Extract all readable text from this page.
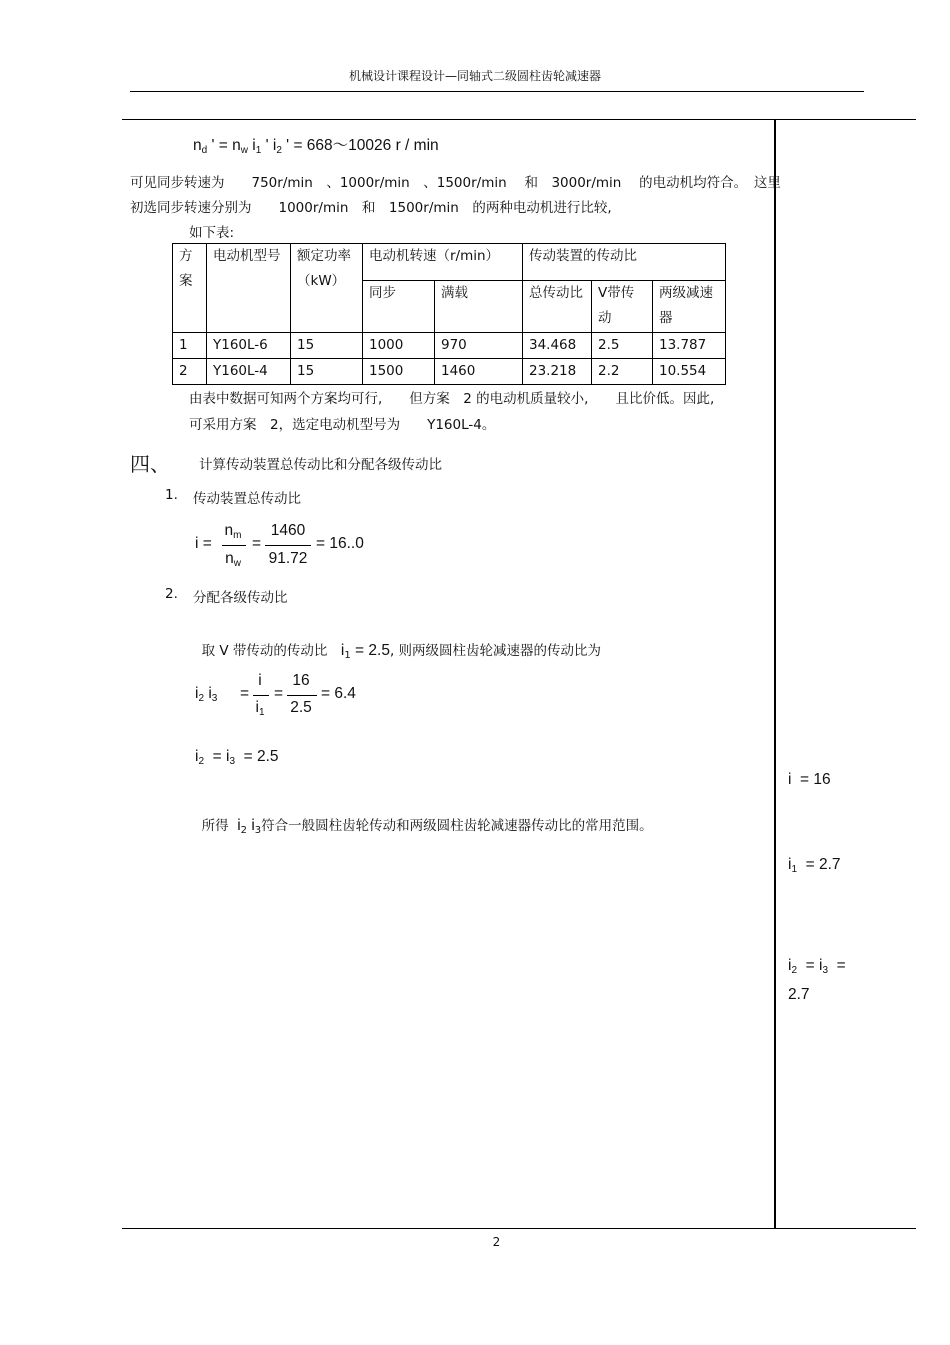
机械设计课程设计—同轴式二级圆柱齿轮减速器
$n_d$ ' = $n_w$ $i_1$ ' $i_2$ ' = 668～10026 r / min
可见同步转速为　　750r/min　、1000r/min　、1500r/min　 和　3000r/min　 的电动机均符合。　这里
初选同步转速分别为　　1000r/min　和　1500r/min　的两种电动机进行比较,
如下表:
方案	电动机型号	额定功率（kW）	电动机转速（r/min）		传动装置的传动比		
			同步	满载	总传动比	V带传动	两级减速器
1	Y160L-6	15	1000	970	34.468	2.5	13.787
2	Y160L-4	15	1500	1460	23.218	2.2	10.554
由表中数据可知两个方案均可行,　　但方案　2 的电动机质量较小,　　且比价低。因此,
可采用方案　2，选定电动机型号为　　Y160L-4。
四、 计算传动装置总传动比和分配各级传动比
1. 传动装置总传动比
i =
$n_m$
$n_w$
=
1460
91.72
= 16..0
2. 分配各级传动比

取 V 带传动的传动比　 $i_1 = 2.5$, 则两级圆柱齿轮减速器的传动比为

$i_2$ $i_3$ =
i
$i_1$
=
16
2.5
= 6.4
$i_2 = i_3 = 2.5$

所得 $i_2$ $i_3$符合一般圆柱齿轮传动和两级圆柱齿轮减速器传动比的常用范围。

i  = 16
$i_1 = 2.7$
$i_2 = i_3$  =
2.7
2
